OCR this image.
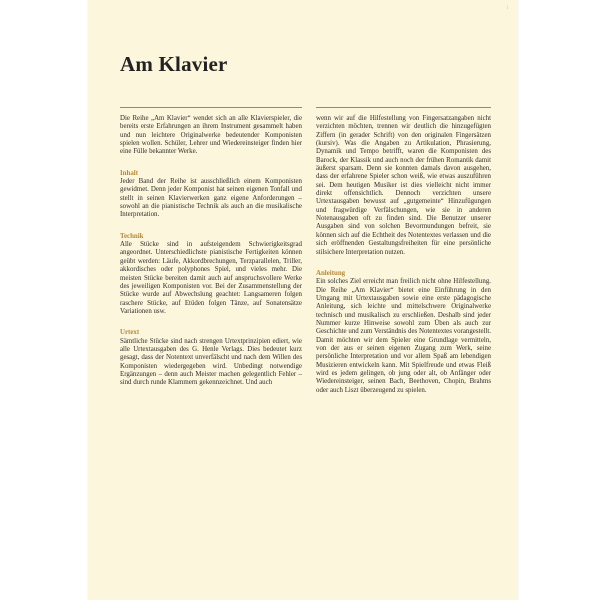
i
Am Klavier

Die Reihe „Am Klavier“ wendet sich an alle Klavierspieler, die bereits erste Erfahrungen an ihrem Instrument gesammelt haben und nun leichtere Originalwerke bedeutender Komponisten spielen wollen. Schüler, Lehrer und Wiedereinsteiger finden hier eine Fülle bekannter Werke.

Inhalt

Jeder Band der Reihe ist ausschließlich einem Komponisten gewidmet. Denn jeder Komponist hat seinen eigenen Tonfall und stellt in seinen Klavierwerken ganz eigene Anforderungen – sowohl an die pianistische Technik als auch an die musikalische Interpretation.

Technik

Alle Stücke sind in aufsteigendem Schwierigkeitsgrad angeordnet. Unterschiedlichste pianistische Fertigkeiten können geübt werden: Läufe, Akkordbrechungen, Terzparallelen, Triller, akkordisches oder polyphones Spiel, und vieles mehr. Die meisten Stücke bereiten damit auch auf anspruchsvollere Werke des jeweiligen Komponisten vor. Bei der Zusammenstellung der Stücke wurde auf Abwechslung geachtet: Langsameren folgen raschere Stücke, auf Etüden folgen Tänze, auf Sonatensätze Variationen usw.

Urtext

Sämtliche Stücke sind nach strengen Urtextprinzipien ediert, wie alle Urtextausgaben des G. Henle Verlags. Dies bedeutet kurz gesagt, dass der Notentext unverfälscht und nach dem Willen des Komponisten wiedergegeben wird. Unbedingt notwendige Ergänzungen – denn auch Meister machen gelegentlich Fehler – sind durch runde Klammern gekennzeichnet. Und auch

wenn wir auf die Hilfestellung von Fingersatzangaben nicht verzichten möchten, trennen wir deutlich die hinzugefügten Ziffern (in gerader Schrift) von den originalen Fingersätzen (kursiv). Was die Angaben zu Artikulation, Phrasierung, Dynamik und Tempo betrifft, waren die Komponisten des Barock, der Klassik und auch noch der frühen Romantik damit äußerst sparsam. Denn sie konnten damals davon ausgehen, dass der erfahrene Spieler schon weiß, wie etwas auszuführen sei. Dem heutigen Musiker ist dies vielleicht nicht immer direkt offensichtlich. Dennoch verzichten unsere Urtextausgaben bewusst auf „gutgemeinte“ Hinzufügungen und fragwürdige Verfälschungen, wie sie in anderen Notenausgaben oft zu finden sind. Die Benutzer unserer Ausgaben sind von solchen Bevormundungen befreit, sie können sich auf die Echtheit des Notentextes verlassen und die sich eröffnenden Gestaltungsfreiheiten für eine persönliche stilsichere Interpretation nutzen.

Anleitung

Ein solches Ziel erreicht man freilich nicht ohne Hilfestellung. Die Reihe „Am Klavier“ bietet eine Einführung in den Umgang mit Urtextausgaben sowie eine erste pädagogische Anleitung, sich leichte und mittelschwere Originalwerke technisch und musikalisch zu erschließen. Deshalb sind jeder Nummer kurze Hinweise sowohl zum Üben als auch zur Geschichte und zum Verständnis des Notentextes vorangestellt. Damit möchten wir dem Spieler eine Grundlage vermitteln, von der aus er seinen eigenen Zugang zum Werk, seine persönliche Interpretation und vor allem Spaß am lebendigen Musizieren entwickeln kann. Mit Spielfreude und etwas Fleiß wird es jedem gelingen, ob jung oder alt, ob Anfänger oder Wiedereinsteiger, seinen Bach, Beethoven, Chopin, Brahms oder auch Liszt überzeugend zu spielen.
